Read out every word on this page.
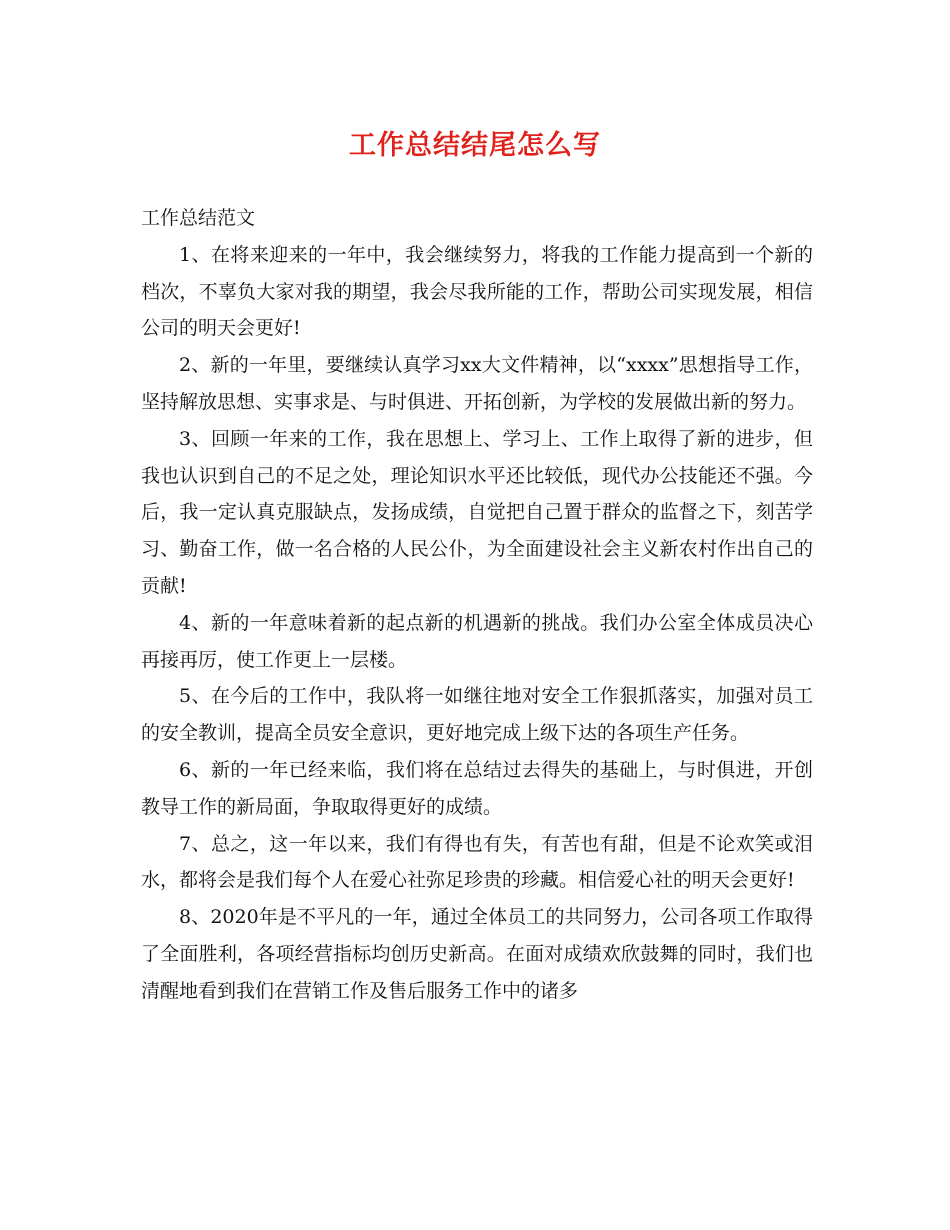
工作总结结尾怎么写

工作总结范文

1、在将来迎来的一年中，我会继续努力，将我的工作能力提高到一个新的档次，不辜负大家对我的期望，我会尽我所能的工作，帮助公司实现发展，相信公司的明天会更好!

2、新的一年里，要继续认真学习xx大文件精神，以“xxxx”思想指导工作，坚持解放思想、实事求是、与时俱进、开拓创新，为学校的发展做出新的努力。

3、回顾一年来的工作，我在思想上、学习上、工作上取得了新的进步，但我也认识到自己的不足之处，理论知识水平还比较低，现代办公技能还不强。今后，我一定认真克服缺点，发扬成绩，自觉把自己置于群众的监督之下，刻苦学习、勤奋工作，做一名合格的人民公仆，为全面建设社会主义新农村作出自己的贡献!

4、新的一年意味着新的起点新的机遇新的挑战。我们办公室全体成员决心再接再厉，使工作更上一层楼。

5、在今后的工作中，我队将一如继往地对安全工作狠抓落实，加强对员工的安全教训，提高全员安全意识，更好地完成上级下达的各项生产任务。

6、新的一年已经来临，我们将在总结过去得失的基础上，与时俱进，开创教导工作的新局面，争取取得更好的成绩。

7、总之，这一年以来，我们有得也有失，有苦也有甜，但是不论欢笑或泪水，都将会是我们每个人在爱心社弥足珍贵的珍藏。相信爱心社的明天会更好!

8、2020年是不平凡的一年，通过全体员工的共同努力，公司各项工作取得了全面胜利，各项经营指标均创历史新高。在面对成绩欢欣鼓舞的同时，我们也清醒地看到我们在营销工作及售后服务工作中的诸多
